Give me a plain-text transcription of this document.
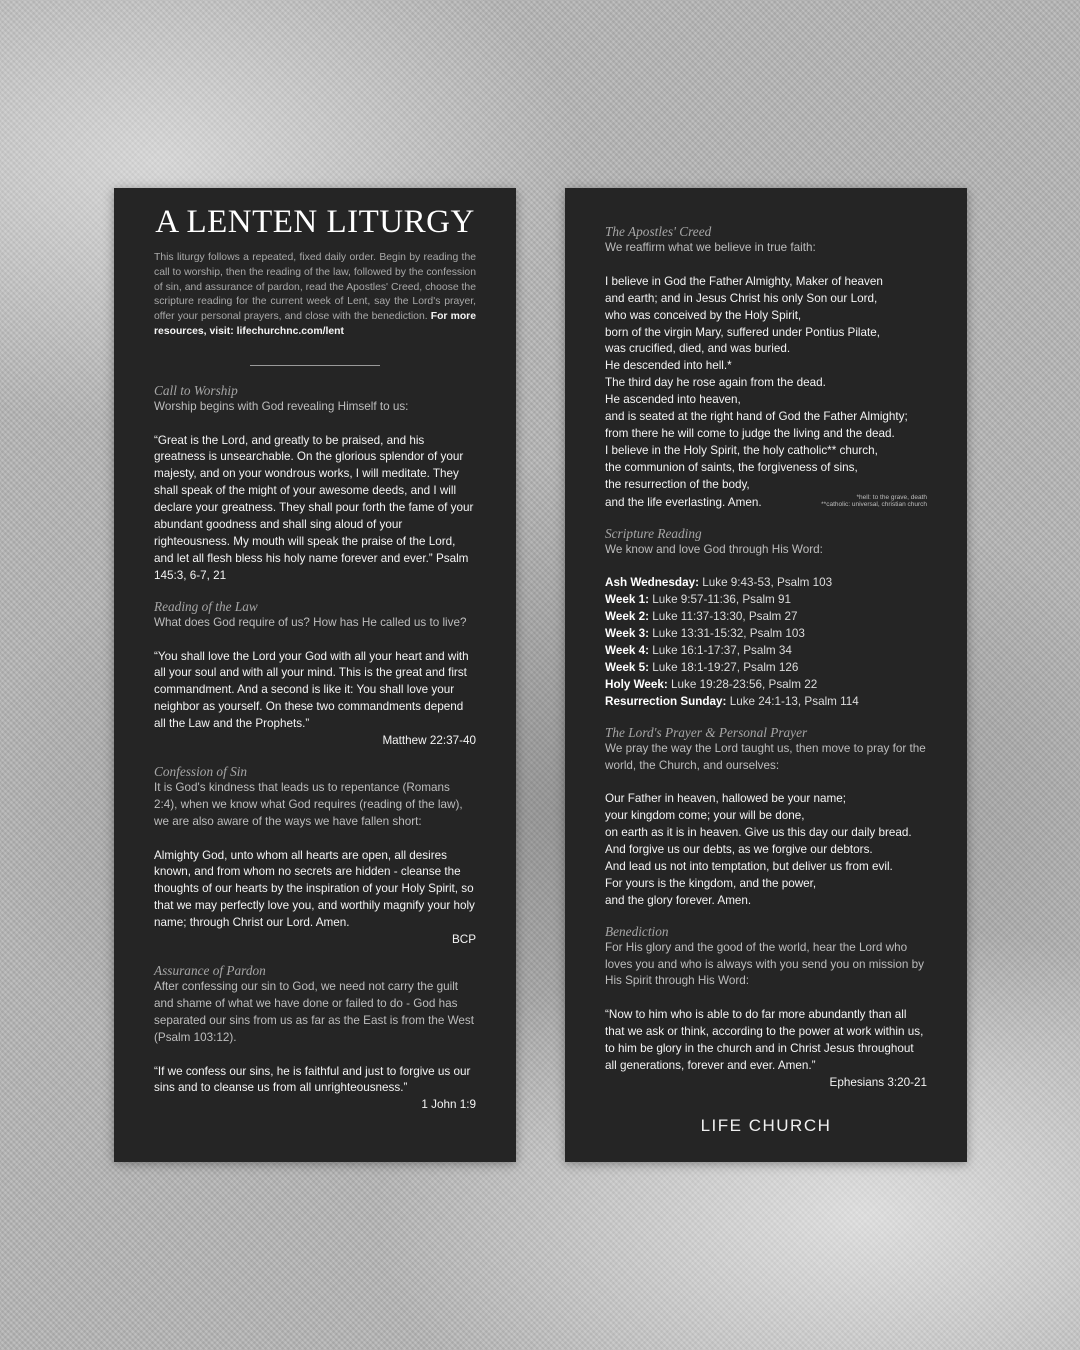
A LENTEN LITURGY

This liturgy follows a repeated, fixed daily order. Begin by reading the call to worship, then the reading of the law, followed by the confession of sin, and assurance of pardon, read the Apostles' Creed, choose the scripture reading for the current week of Lent, say the Lord's prayer, offer your personal prayers, and close with the benediction. For more resources, visit: lifechurchnc.com/lent

Call to Worship

Worship begins with God revealing Himself to us:

“Great is the Lord, and greatly to be praised, and his greatness is unsearchable. On the glorious splendor of your majesty, and on your wondrous works, I will meditate. They shall speak of the might of your awesome deeds, and I will declare your greatness. They shall pour forth the fame of your abundant goodness and shall sing aloud of your righteousness. My mouth will speak the praise of the Lord, and let all flesh bless his holy name forever and ever.” Psalm 145:3, 6-7, 21

Reading of the Law

What does God require of us? How has He called us to live?

“You shall love the Lord your God with all your heart and with all your soul and with all your mind. This is the great and first commandment. And a second is like it: You shall love your neighbor as yourself. On these two commandments depend all the Law and the Prophets.”

Matthew 22:37-40

Confession of Sin

It is God's kindness that leads us to repentance (Romans 2:4), when we know what God requires (reading of the law), we are also aware of the ways we have fallen short:

Almighty God, unto whom all hearts are open, all desires known, and from whom no secrets are hidden - cleanse the thoughts of our hearts by the inspiration of your Holy Spirit, so that we may perfectly love you, and worthily magnify your holy name; through Christ our Lord. Amen.

BCP

Assurance of Pardon

After confessing our sin to God, we need not carry the guilt and shame of what we have done or failed to do - God has separated our sins from us as far as the East is from the West (Psalm 103:12).

“If we confess our sins, he is faithful and just to forgive us our sins and to cleanse us from all unrighteousness.”

1 John 1:9

The Apostles' Creed

We reaffirm what we believe in true faith:

I believe in God the Father Almighty, Maker of heaven
and earth; and in Jesus Christ his only Son our Lord,
who was conceived by the Holy Spirit,
born of the virgin Mary, suffered under Pontius Pilate,
was crucified, died, and was buried.
He descended into hell.*
The third day he rose again from the dead.
He ascended into heaven,
and is seated at the right hand of God the Father Almighty;
from there he will come to judge the living and the dead.
I believe in the Holy Spirit, the holy catholic** church,
the communion of saints, the forgiveness of sins,
the resurrection of the body,
and the life everlasting. Amen.	*hell: to the grave, death
**catholic: universal, christian church

Scripture Reading

We know and love God through His Word:

Ash Wednesday: Luke 9:43-53, Psalm 103
Week 1: Luke 9:57-11:36, Psalm 91
Week 2: Luke 11:37-13:30, Psalm 27
Week 3: Luke 13:31-15:32, Psalm 103
Week 4: Luke 16:1-17:37, Psalm 34
Week 5: Luke 18:1-19:27, Psalm 126
Holy Week: Luke 19:28-23:56, Psalm 22
Resurrection Sunday: Luke 24:1-13, Psalm 114

The Lord's Prayer & Personal Prayer

We pray the way the Lord taught us, then move to pray for the world, the Church, and ourselves:

Our Father in heaven, hallowed be your name;
your kingdom come; your will be done,
on earth as it is in heaven. Give us this day our daily bread.
And forgive us our debts, as we forgive our debtors.
And lead us not into temptation, but deliver us from evil.
For yours is the kingdom, and the power,
and the glory forever. Amen.

Benediction

For His glory and the good of the world, hear the Lord who loves you and who is always with you send you on mission by His Spirit through His Word:

“Now to him who is able to do far more abundantly than all that we ask or think, according to the power at work within us, to him be glory in the church and in Christ Jesus throughout all generations, forever and ever. Amen.”

Ephesians 3:20-21

LIFE CHURCH
